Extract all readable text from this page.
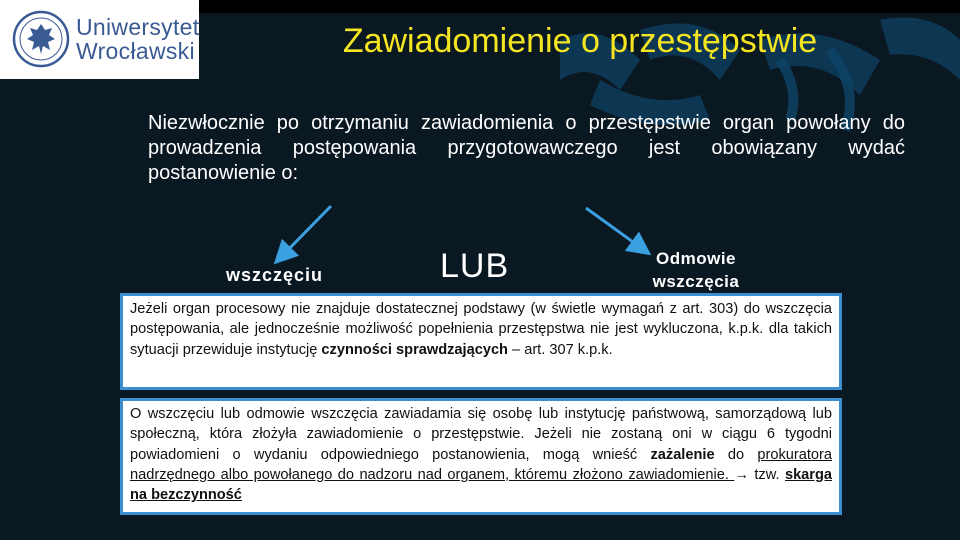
Uniwersytet
Wrocławski	Zawiadomienie o przestępstwie

Niezwłocznie po otrzymaniu zawiadomienia o przestępstwie organ powołany do prowadzenia postępowania przygotowawczego jest obowiązany wydać postanowienie o:

wszczęciu	LUB	Odmowie wszczęcia

Jeżeli organ procesowy nie znajduje dostatecznej podstawy (w świetle wymagań z art. 303) do wszczęcia postępowania, ale jednocześnie możliwość popełnienia przestępstwa nie jest wykluczona, k.p.k. dla takich sytuacji przewiduje instytucję czynności sprawdzających – art. 307 k.p.k.

O wszczęciu lub odmowie wszczęcia zawiadamia się osobę lub instytucję państwową, samorządową lub społeczną, która złożyła zawiadomienie o przestępstwie. Jeżeli nie zostaną oni w ciągu 6 tygodni powiadomieni o wydaniu odpowiedniego postanowienia, mogą wnieść zażalenie do prokuratora nadrzędnego albo powołanego do nadzoru nad organem, któremu złożono zawiadomienie. → tzw. skarga na bezczynność
